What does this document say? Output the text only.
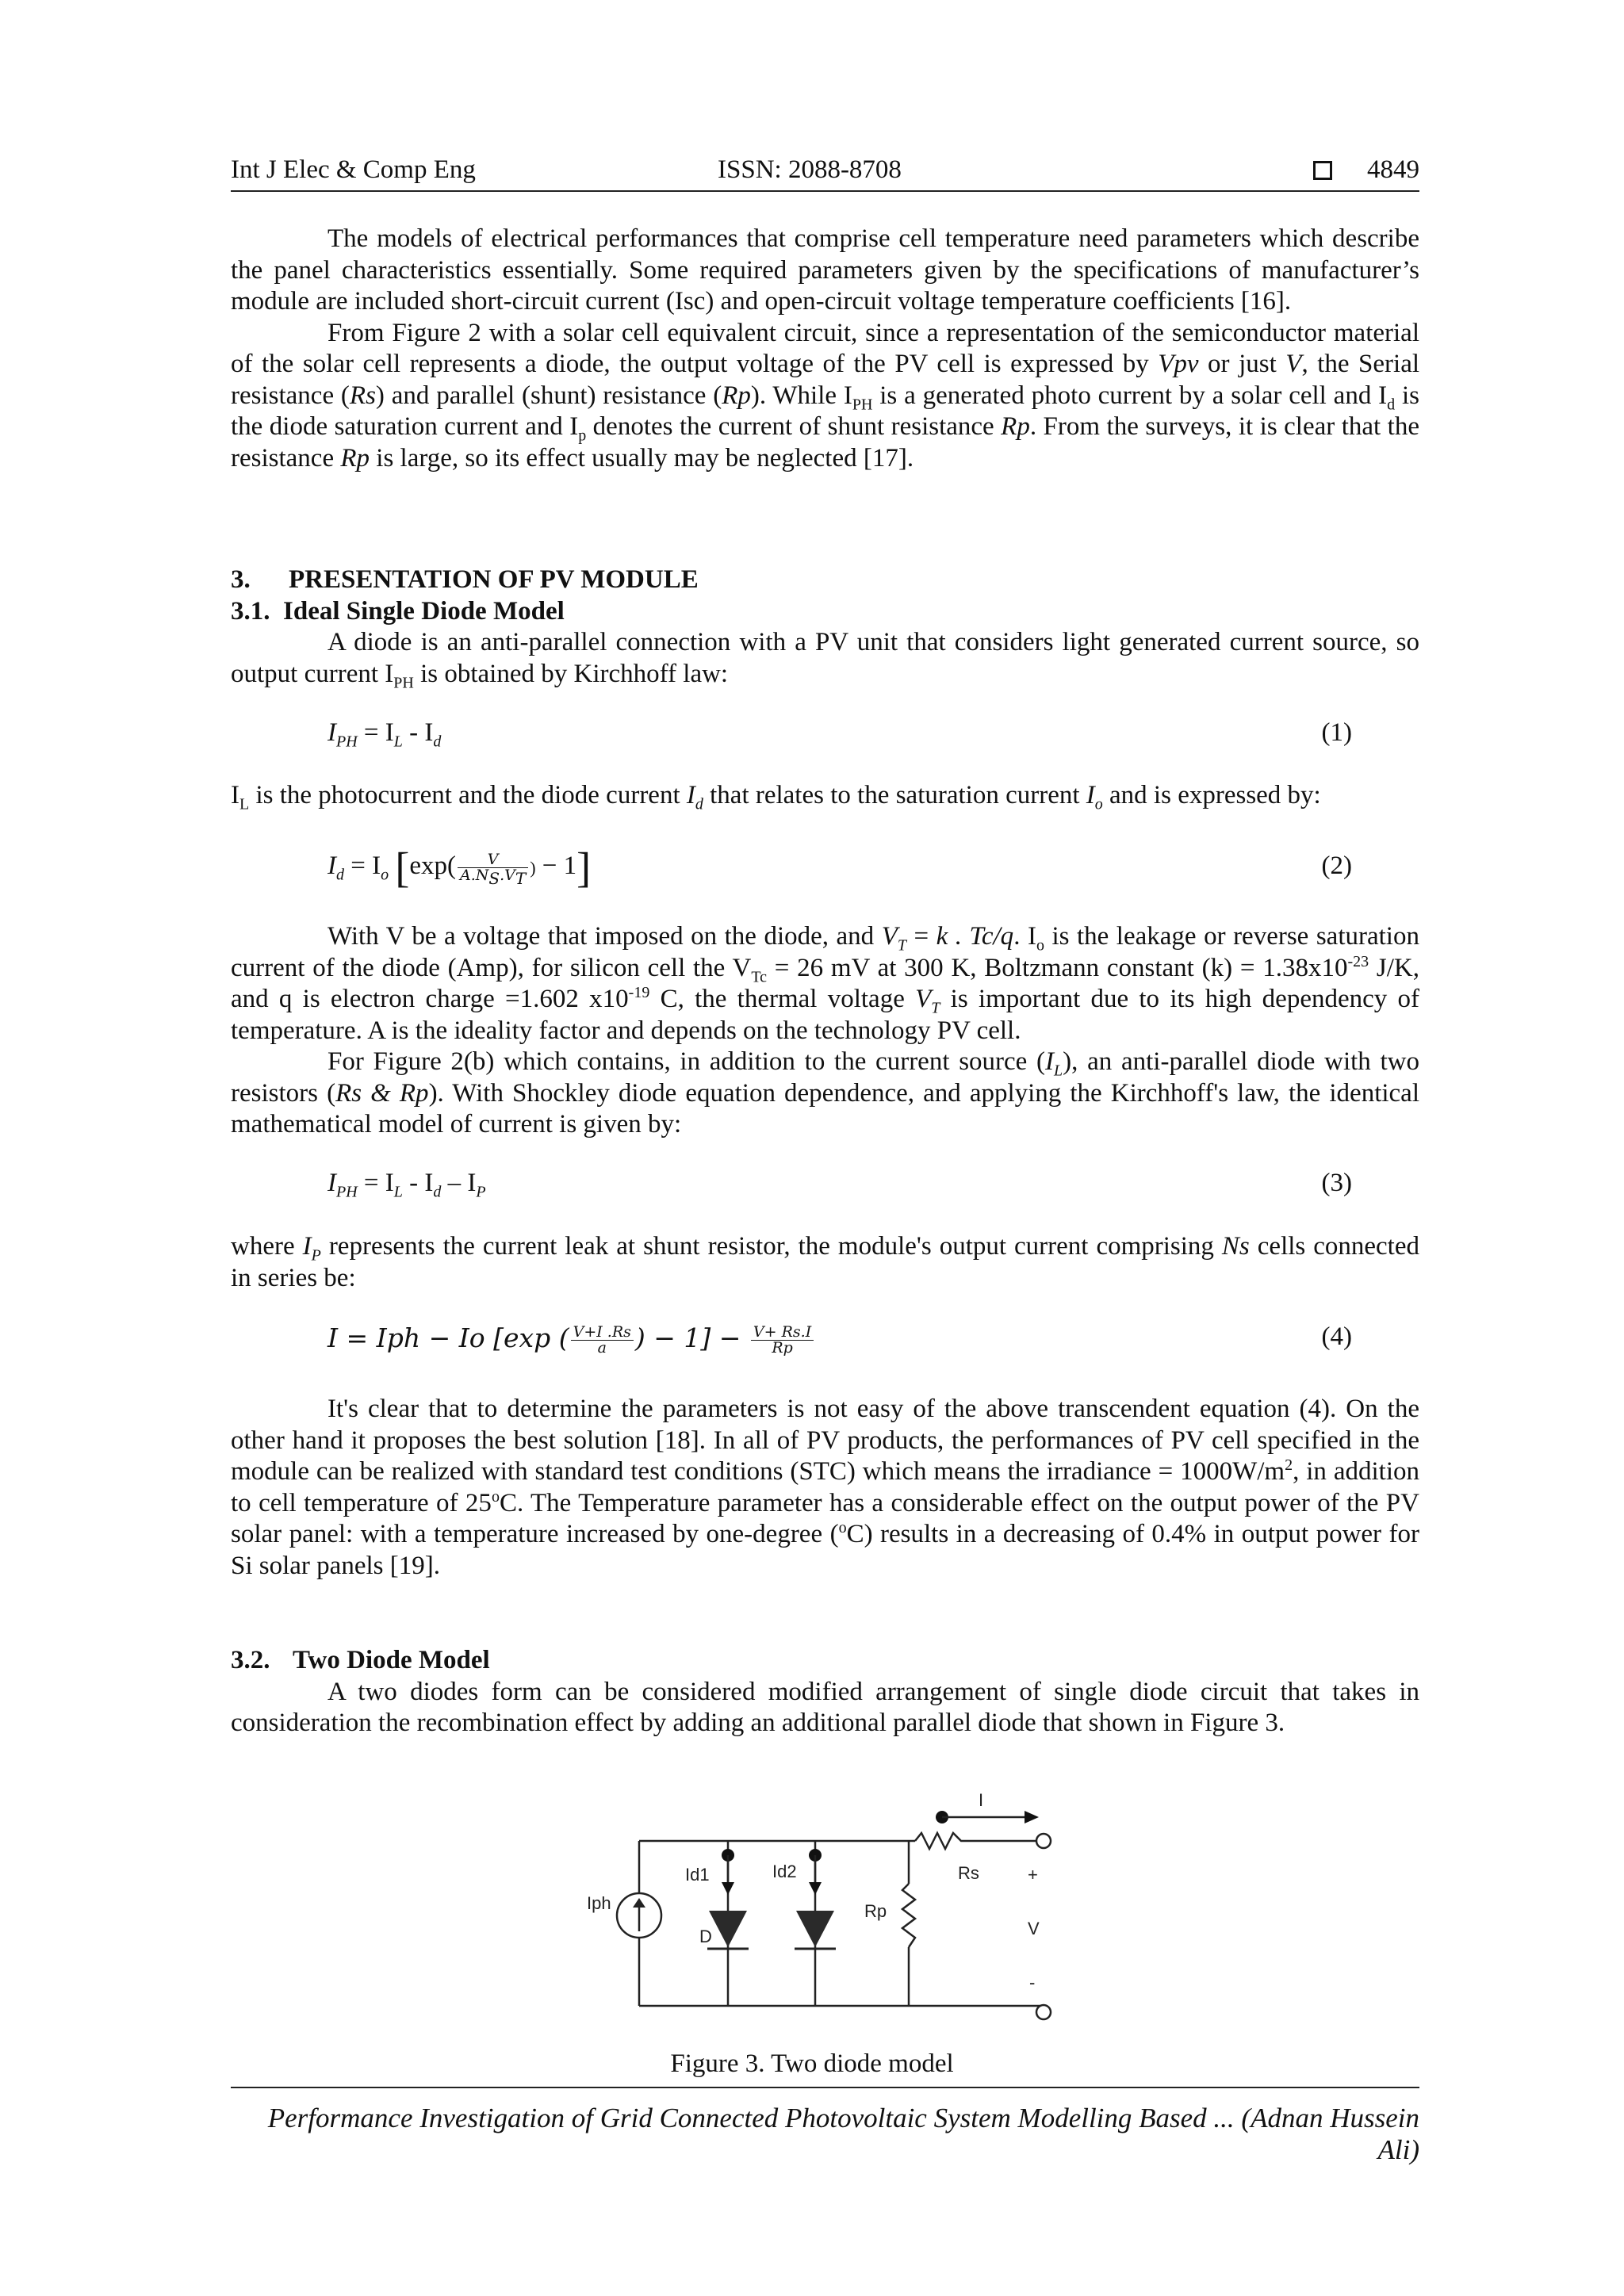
Int J Elec & Comp Eng	ISSN: 2088-8708	4849

The models of electrical performances that comprise cell temperature need parameters which describe the panel characteristics essentially. Some required parameters given by the specifications of manufacturer’s module are included short-circuit current (Isc) and open-circuit voltage temperature coefficients [16].

From Figure 2 with a solar cell equivalent circuit, since a representation of the semiconductor material of the solar cell represents a diode, the output voltage of the PV cell is expressed by Vpv or just V, the Serial resistance (Rs) and parallel (shunt) resistance (Rp). While $I_{PH}$ is a generated photo current by a solar cell and $I_d$ is the diode saturation current and $I_p$ denotes the current of shunt resistance Rp. From the surveys, it is clear that the resistance Rp is large, so its effect usually may be neglected [17].

3. PRESENTATION OF PV MODULE

3.1. Ideal Single Diode Model

A diode is an anti-parallel connection with a PV unit that considers light generated current source, so output current $I_{PH}$ is obtained by Kirchhoff law:

$I_{PH} = I_L - I_d$	(1)

$I_L$ is the photocurrent and the diode current $I_d$ that relates to the saturation current $I_o$ and is expressed by:

$I_d = I_o$ [$\exp( \frac{V}{A.N_S.V_T}$ ) − 1]	(2)

With V be a voltage that imposed on the diode, and $V_T = k$ . Tc/q. $I_o$ is the leakage or reverse saturation current of the diode (Amp), for silicon cell the $V_{Tc} = 26$ mV at 300 K, Boltzmann constant $(k) = 1.38x10^{-23}$ J/K, and q is electron charge =1.602 $x10^{-19}$ C, the thermal voltage $V_T$ is important due to its high dependency of temperature. A is the ideality factor and depends on the technology PV cell.

For Figure 2(b) which contains, in addition to the current source $(I_L)$, an anti-parallel diode with two resistors (Rs & Rp). With Shockley diode equation dependence, and applying the Kirchhoff's law, the identical mathematical model of current is given by:

$I_{PH} = I_L - I_d - I_P$	(3)

where $I_P$ represents the current leak at shunt resistor, the module's output current comprising Ns cells connected in series be:

I = Iph − Io [exp ( $\frac{V+I .Rs}{a}$ ) − $1] - \frac{V+ Rs.I}{Rp}$	(4)

It's clear that to determine the parameters is not easy of the above transcendent equation (4). On the other hand it proposes the best solution [18]. In all of PV products, the performances of PV cell specified in the module can be realized with standard test conditions (STC) which means the irradiance = $1000W/m^2$, in addition to cell temperature of 25$^o$C. The Temperature parameter has a considerable effect on the output power of the PV solar panel: with a temperature increased by one-degree ($^o$C) results in a decreasing of 0.4% in output power for Si solar panels [19].

3.2. Two Diode Model

A two diodes form can be considered modified arrangement of single diode circuit that takes in consideration the recombination effect by adding an additional parallel diode that shown in Figure 3.

I
Id1	Id2
Iph
D
Rs
Rp
+
V
-
Figure 3. Two diode model
Performance Investigation of Grid Connected Photovoltaic System Modelling Based ... (Adnan Hussein Ali)
